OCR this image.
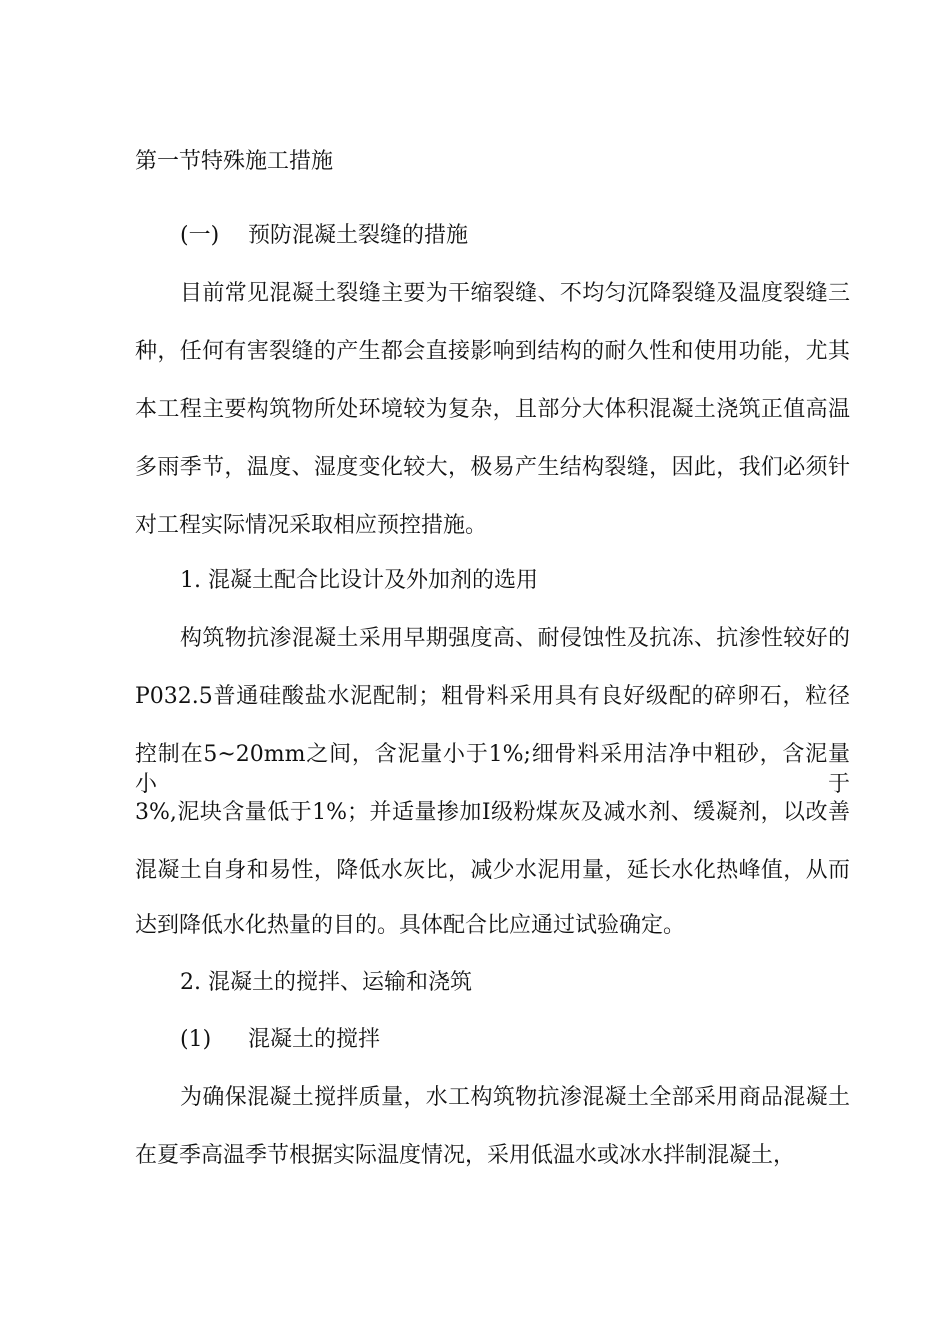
第一节特殊施工措施
(一) 预防混凝土裂缝的措施
目前常见混凝土裂缝主要为干缩裂缝、不均匀沉降裂缝及温度裂缝三
种，任何有害裂缝的产生都会直接影响到结构的耐久性和使用功能，尤其
本工程主要构筑物所处环境较为复杂，且部分大体积混凝土浇筑正值高温
多雨季节，温度、湿度变化较大，极易产生结构裂缝，因此，我们必须针
对工程实际情况采取相应预控措施。
1. 混凝土配合比设计及外加剂的选用
构筑物抗渗混凝土采用早期强度高、耐侵蚀性及抗冻、抗渗性较好的
P032.5普通硅酸盐水泥配制；粗骨料采用具有良好级配的碎卵石，粒径
控制在5~20mm之间，含泥量小于1%;细骨料采用洁净中粗砂，含泥量小于
3%,泥块含量低于1%；并适量掺加Ⅰ级粉煤灰及减水剂、缓凝剂，以改善
混凝土自身和易性，降低水灰比，减少水泥用量，延长水化热峰值，从而
达到降低水化热量的目的。具体配合比应通过试验确定。
2. 混凝土的搅拌、运输和浇筑
(1) 混凝土的搅拌
为确保混凝土搅拌质量，水工构筑物抗渗混凝土全部采用商品混凝土
在夏季高温季节根据实际温度情况，采用低温水或冰水拌制混凝土，
